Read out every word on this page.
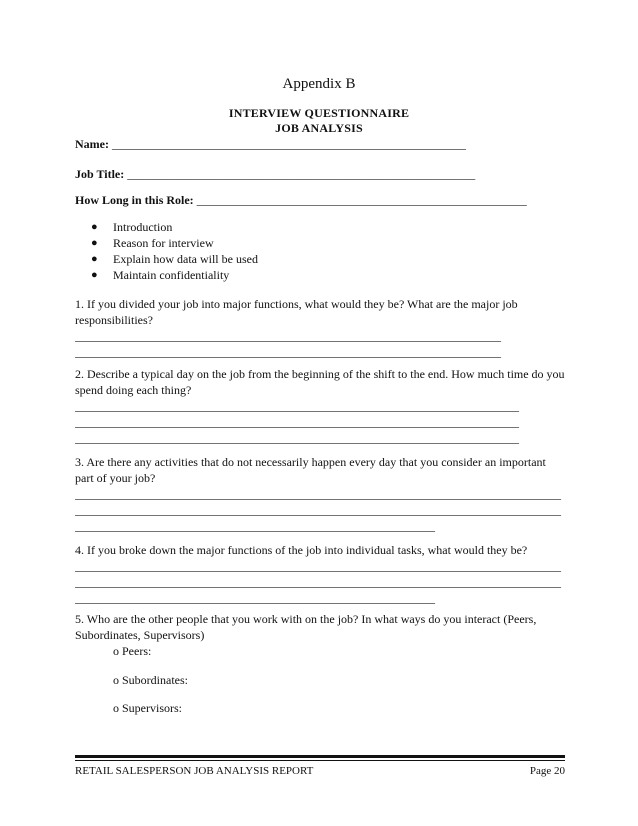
Appendix B
INTERVIEW QUESTIONNAIRE
JOB ANALYSIS
Name: ___________________________________________________________
Job Title: __________________________________________________________
How Long in this Role: _______________________________________________________
● Introduction
● Reason for interview
● Explain how data will be used
● Maintain confidentiality

1. If you divided your job into major functions, what would they be? What are the major job responsibilities?

_______________________________________________________________________
_______________________________________________________________________

2. Describe a typical day on the job from the beginning of the shift to the end. How much time do you spend doing each thing?

__________________________________________________________________________
__________________________________________________________________________
__________________________________________________________________________

3. Are there any activities that do not necessarily happen every day that you consider an important part of your job?

_________________________________________________________________________________
_________________________________________________________________________________
____________________________________________________________

4. If you broke down the major functions of the job into individual tasks, what would they be?

_________________________________________________________________________________
_________________________________________________________________________________
____________________________________________________________

5. Who are the other people that you work with on the job? In what ways do you interact (Peers, Subordinates, Supervisors)

o Peers:
o Subordinates:
o Supervisors:
RETAIL SALESPERSON JOB ANALYSIS REPORT	Page 20
